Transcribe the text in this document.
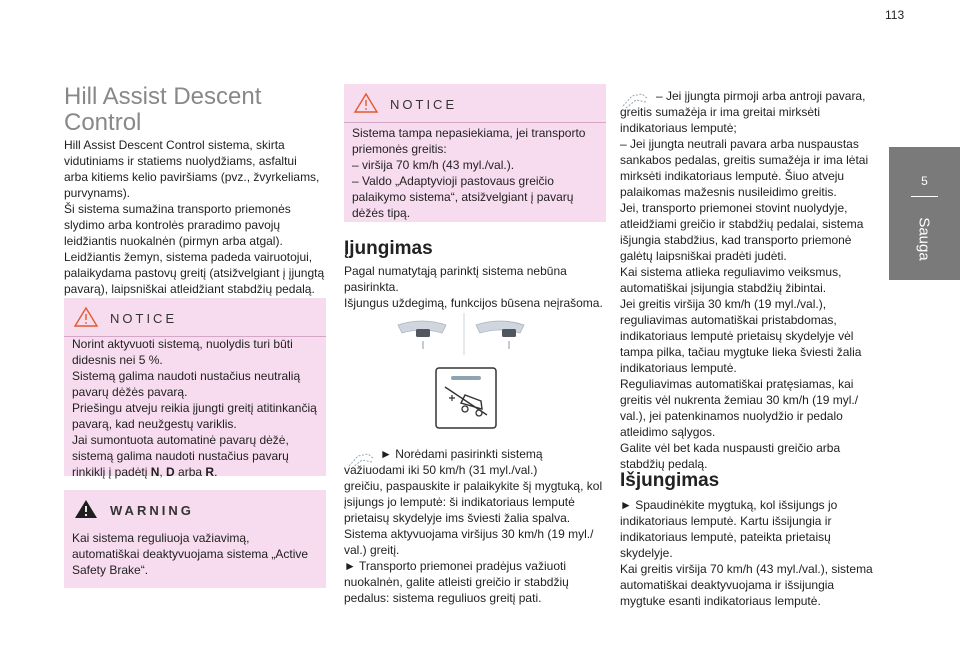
113
5
Sauga
Hill Assist Descent Control
Hill Assist Descent Control sistema, skirta
vidutiniams ir statiems nuolydžiams, asfaltui
arba kitiems kelio paviršiams (pvz., žvyrkeliams,
purvynams).
Ši sistema sumažina transporto priemonės
slydimo arba kontrolės praradimo pavojų
leidžiantis nuokalnėn (pirmyn arba atgal).
Leidžiantis žemyn, sistema padeda vairuotojui,
palaikydama pastovų greitį (atsižvelgiant į įjungtą
pavarą), laipsniškai atleidžiant stabdžių pedalą.
NOTICE
Norint aktyvuoti sistemą, nuolydis turi būti
didesnis nei 5 %.
Sistemą galima naudoti nustačius neutralią
pavarų dėžės pavarą.
Priešingu atveju reikia įjungti greitį atitinkančią
pavarą, kad neužgestų variklis.
Jai sumontuota automatinė pavarų dėžė,
sistemą galima naudoti nustačius pavarų
rinkiklį į padėtį N, D arba R.
WARNING
Kai sistema reguliuoja važiavimą,
automatiškai deaktyvuojama sistema „Active
Safety Brake“.
NOTICE
Sistema tampa nepasiekiama, jei transporto
priemonės greitis:
– viršija 70 km/h (43 myl./val.).
– Valdo „Adaptyvioji pastovaus greičio
palaikymo sistema“, atsižvelgiant į pavarų
dėžės tipą.
Įjungimas
Pagal numatytąją parinktį sistema nebūna
pasirinkta.
Išjungus uždegimą, funkcijos būsena neįrašoma.
► Norėdami pasirinkti sistemą
važiuodami iki 50 km/h (31 myl./val.)
greičiu, paspauskite ir palaikykite šį mygtuką, kol
įsijungs jo lemputė: ši indikatoriaus lemputė
prietaisų skydelyje ims šviesti žalia spalva.
Sistema aktyvuojama viršijus 30 km/h (19 myl./
val.) greitį.
► Transporto priemonei pradėjus važiuoti
nuokalnėn, galite atleisti greičio ir stabdžių
pedalus: sistema reguliuos greitį pati.
– Jei įjungta pirmoji arba antroji pavara,
greitis sumažėja ir ima greitai mirksėti
indikatoriaus lemputė;
– Jei įjungta neutrali pavara arba nuspaustas
sankabos pedalas, greitis sumažėja ir ima lėtai
mirksėti indikatoriaus lemputė. Šiuo atveju
palaikomas mažesnis nusileidimo greitis.
Jei, transporto priemonei stovint nuolydyje,
atleidžiami greičio ir stabdžių pedalai, sistema
išjungia stabdžius, kad transporto priemonė
galėtų laipsniškai pradėti judėti.
Kai sistema atlieka reguliavimo veiksmus,
automatiškai įsijungia stabdžių žibintai.
Jei greitis viršija 30 km/h (19 myl./val.),
reguliavimas automatiškai pristabdomas,
indikatoriaus lemputė prietaisų skydelyje vėl
tampa pilka, tačiau mygtuke lieka šviesti žalia
indikatoriaus lemputė.
Reguliavimas automatiškai pratęsiamas, kai
greitis vėl nukrenta žemiau 30 km/h (19 myl./
val.), jei patenkinamos nuolydžio ir pedalo
atleidimo sąlygos.
Galite vėl bet kada nuspausti greičio arba
stabdžių pedalą.
Išjungimas
► Spaudinėkite mygtuką, kol išsijungs jo
indikatoriaus lemputė. Kartu išsijungia ir
indikatoriaus lemputė, pateikta prietaisų
skydelyje.
Kai greitis viršija 70 km/h (43 myl./val.), sistema
automatiškai deaktyvuojama ir išsijungia
mygtuke esanti indikatoriaus lemputė.
